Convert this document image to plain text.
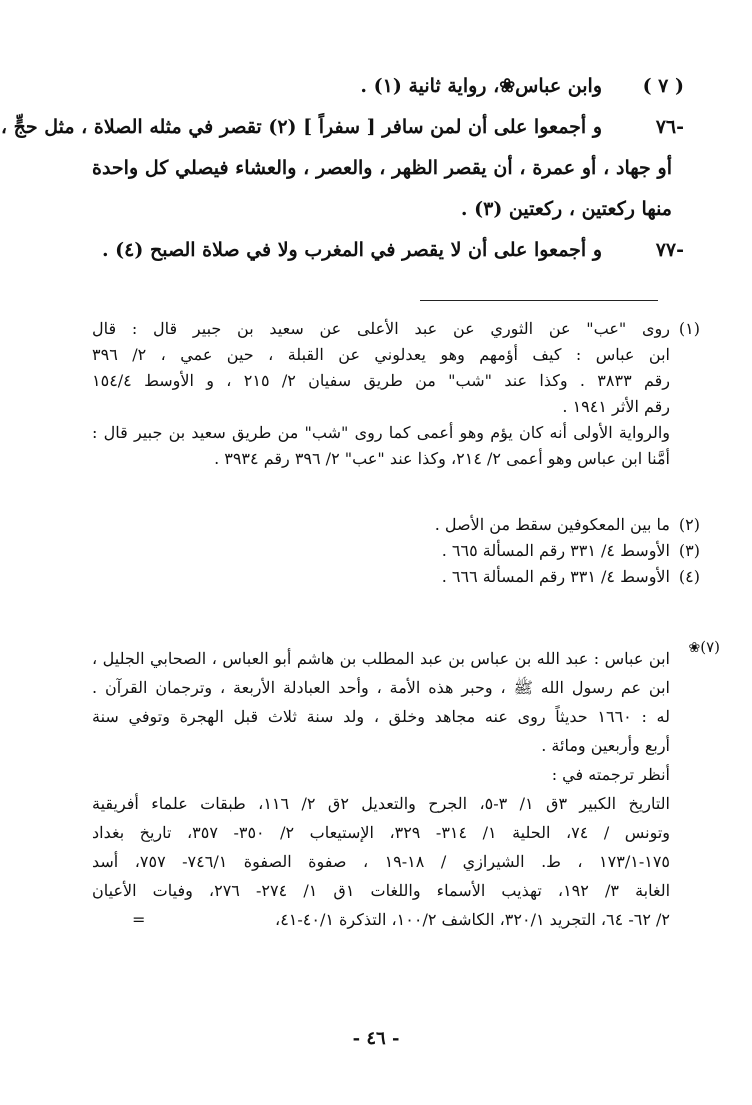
( ٧ )
وابن عباس❀، رواية ثانية (١) .
٧٦-
و أجمعوا على أن لمن سافر [ سفراً ] (٢) تقصر في مثله الصلاة ، مثل حجٍّ ،
أو جهاد ، أو عمرة ، أن يقصر الظهر ، والعصر ، والعشاء فيصلي كل واحدة
منها ركعتين ، ركعتين (٣) .
٧٧-
و أجمعوا على أن لا يقصر في المغرب ولا في صلاة الصبح (٤) .
(١)
روى "عب" عن الثوري عن عبد الأعلى عن سعيد بن جبير قال : قال
ابن عباس : كيف أؤمهم وهو يعدلوني عن القبلة ، حين عمي ، ٢/ ٣٩٦
رقم ٣٨٣٣ . وكذا عند "شب" من طريق سفيان ٢/ ٢١٥ ، و الأوسط ١٥٤/٤
رقم الأثر ١٩٤١ .
والرواية الأولى أنه كان يؤم وهو أعمى كما روى "شب" من طريق سعيد بن جبير قال :
أمَّنا ابن عباس وهو أعمى ٢/ ٢١٤، وكذا عند "عب" ٢/ ٣٩٦ رقم ٣٩٣٤ .
(٢)
ما بين المعكوفين سقط من الأصل .
(٣)
الأوسط ٤/ ٣٣١ رقم المسألة ٦٦٥ .
(٤)
الأوسط ٤/ ٣٣١ رقم المسألة ٦٦٦ .
❀(٧)
ابن عباس : عبد الله بن عباس بن عبد المطلب بن هاشم أبو العباس ، الصحابي الجليل ،
ابن عم رسول الله ﷺ ، وحبر هذه الأمة ، وأحد العبادلة الأربعة ، وترجمان القرآن .
له : ١٦٦٠ حديثاً روى عنه مجاهد وخلق ، ولد سنة ثلاث قبل الهجرة وتوفي سنة
أربع وأربعين ومائة .
أنظر ترجمته في :
التاريخ الكبير ٣ق ١/ ٣-٥، الجرح والتعديل ٢ق ٢/ ١١٦، طبقات علماء أفريقية
وتونس / ٧٤، الحلية ١/ ٣١٤- ٣٢٩، الإستيعاب ٢/ ٣٥٠- ٣٥٧، تاريخ بغداد
١٧٥-١٧٣/١ ، ط. الشيرازي / ١٨-١٩ ، صفوة الصفوة ٧٤٦/١- ٧٥٧، أسد
الغابة ٣/ ١٩٢، تهذيب الأسماء واللغات ١ق ١/ ٢٧٤- ٢٧٦، وفيات الأعيان
٢/ ٦٢- ٦٤، التجريد ٣٢٠/١، الكاشف ١٠٠/٢، التذكرة ٤٠/١-٤١،
=
- ٤٦ -
